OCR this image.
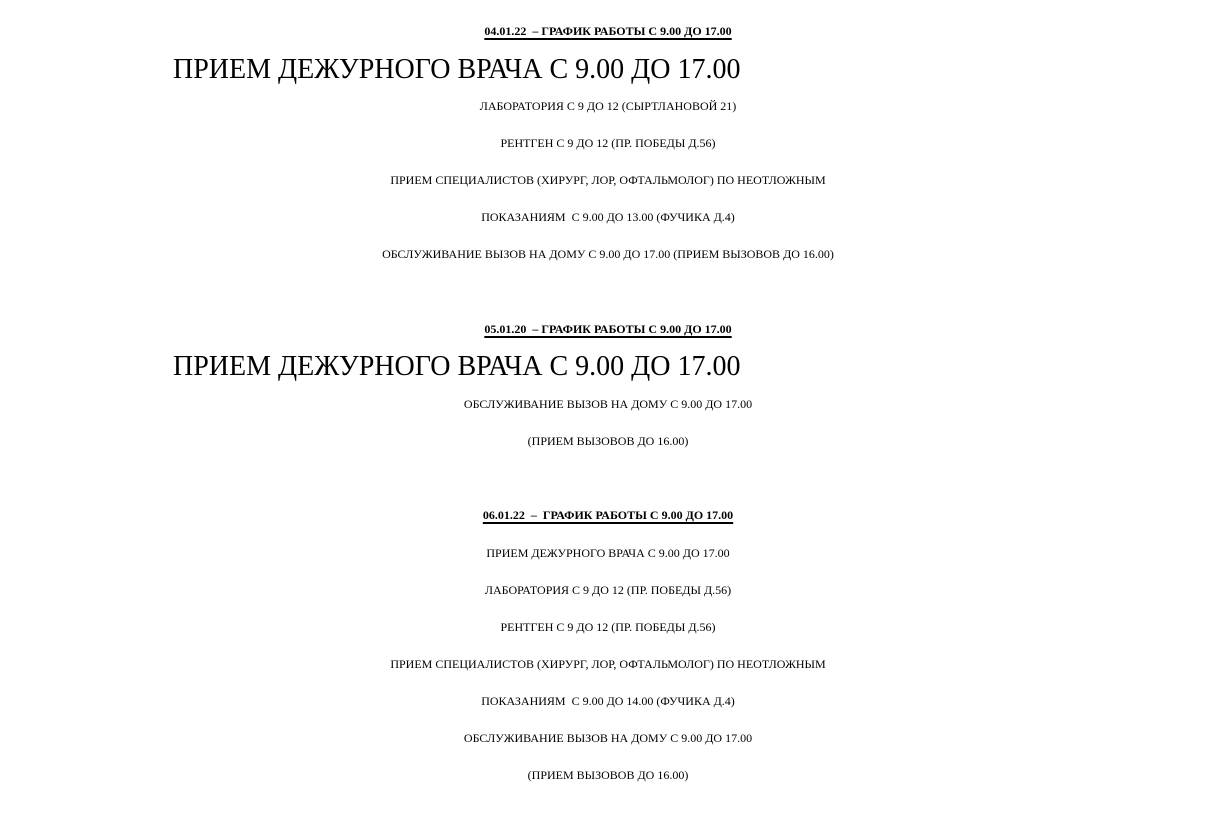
04.01.22  – ГРАФИК РАБОТЫ С 9.00 ДО 17.00
ПРИЕМ ДЕЖУРНОГО ВРАЧА С 9.00 ДО 17.00
ЛАБОРАТОРИЯ С 9 ДО 12 (СЫРТЛАНОВОЙ 21)
РЕНТГЕН С 9 ДО 12 (ПР. ПОБЕДЫ Д.56)
ПРИЕМ СПЕЦИАЛИСТОВ (ХИРУРГ, ЛОР, ОФТАЛЬМОЛОГ) ПО НЕОТЛОЖНЫМ
ПОКАЗАНИЯМ  С 9.00 ДО 13.00 (ФУЧИКА Д.4)
ОБСЛУЖИВАНИЕ ВЫЗОВ НА ДОМУ С 9.00 ДО 17.00 (ПРИЕМ ВЫЗОВОВ ДО 16.00)
05.01.20  – ГРАФИК РАБОТЫ С 9.00 ДО 17.00
ПРИЕМ ДЕЖУРНОГО ВРАЧА С 9.00 ДО 17.00
ОБСЛУЖИВАНИЕ ВЫЗОВ НА ДОМУ С 9.00 ДО 17.00
(ПРИЕМ ВЫЗОВОВ ДО 16.00)
06.01.22  –  ГРАФИК РАБОТЫ С 9.00 ДО 17.00
ПРИЕМ ДЕЖУРНОГО ВРАЧА С 9.00 ДО 17.00
ЛАБОРАТОРИЯ С 9 ДО 12 (ПР. ПОБЕДЫ Д.56)
РЕНТГЕН С 9 ДО 12 (ПР. ПОБЕДЫ Д.56)
ПРИЕМ СПЕЦИАЛИСТОВ (ХИРУРГ, ЛОР, ОФТАЛЬМОЛОГ) ПО НЕОТЛОЖНЫМ
ПОКАЗАНИЯМ  С 9.00 ДО 14.00 (ФУЧИКА Д.4)
ОБСЛУЖИВАНИЕ ВЫЗОВ НА ДОМУ С 9.00 ДО 17.00
(ПРИЕМ ВЫЗОВОВ ДО 16.00)
